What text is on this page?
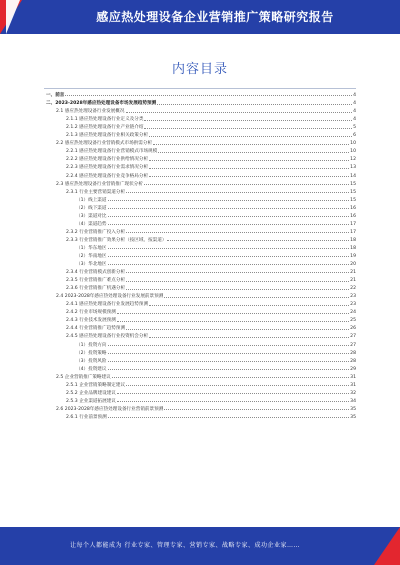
感应热处理设备企业营销推广策略研究报告
内容目录
一、前言	4
二、2023-2028年感应热处理设备市场发展趋势预测	4
2.1 感应热处理设备行业发展概况	4
2.1.1 感应热处理设备行业定义及分类	4
2.1.2 感应热处理设备行业产业链介绍	5
2.1.3 感应热处理设备行业相关政策分析	6
2.2 感应热处理设备行业营销模式市场供需分析	10
2.2.1 感应热处理设备行业营销模式市场规模	10
2.2.2 感应热处理设备行业供给情况分析	12
2.2.3 感应热处理设备行业需求情况分析	13
2.2.4 感应热处理设备行业竞争格局分析	14
2.3 感应热处理设备行业营销推广现状分析	15
2.3.1 行业主要营销渠道分析	15
（1）线上渠道	15
（2）线下渠道	16
（3）渠道对比	16
（4）渠道趋势	17
2.3.2 行业营销推广投入分析	17
2.3.3 行业营销推广效果分析（按区域、按渠道）	18
（1）华东地区	18
（2）华南地区	19
（3）华北地区	20
2.3.4 行业营销模式创新分析	21
2.3.5 行业营销推广难点分析	21
2.3.6 行业营销推广机遇分析	22
2.4 2023-2028年感应热处理设备行业发展前景预测	23
2.4.1 感应热处理设备行业发展趋势预测	23
2.4.2 行业市场规模预测	24
2.4.3 行业技术发展预测	25
2.4.4 行业营销推广趋势预测	26
2.4.5 感应热处理设备行业投资机会分析	27
（1）投资方向	27
（2）投资策略	28
（3）投资风险	28
（4）投资建议	29
2.5 企业营销推广策略建议	31
2.5.1 企业营销策略制定建议	31
2.5.2 企业品牌建设建议	32
2.5.3 企业渠道拓展建议	34
2.6 2023-2028年感应热处理设备行业营销前景预测	35
2.6.1 行业前景预测	35
让每个人都能成为 行业专家、管理专家、营销专家、战略专家、成功企业家……
